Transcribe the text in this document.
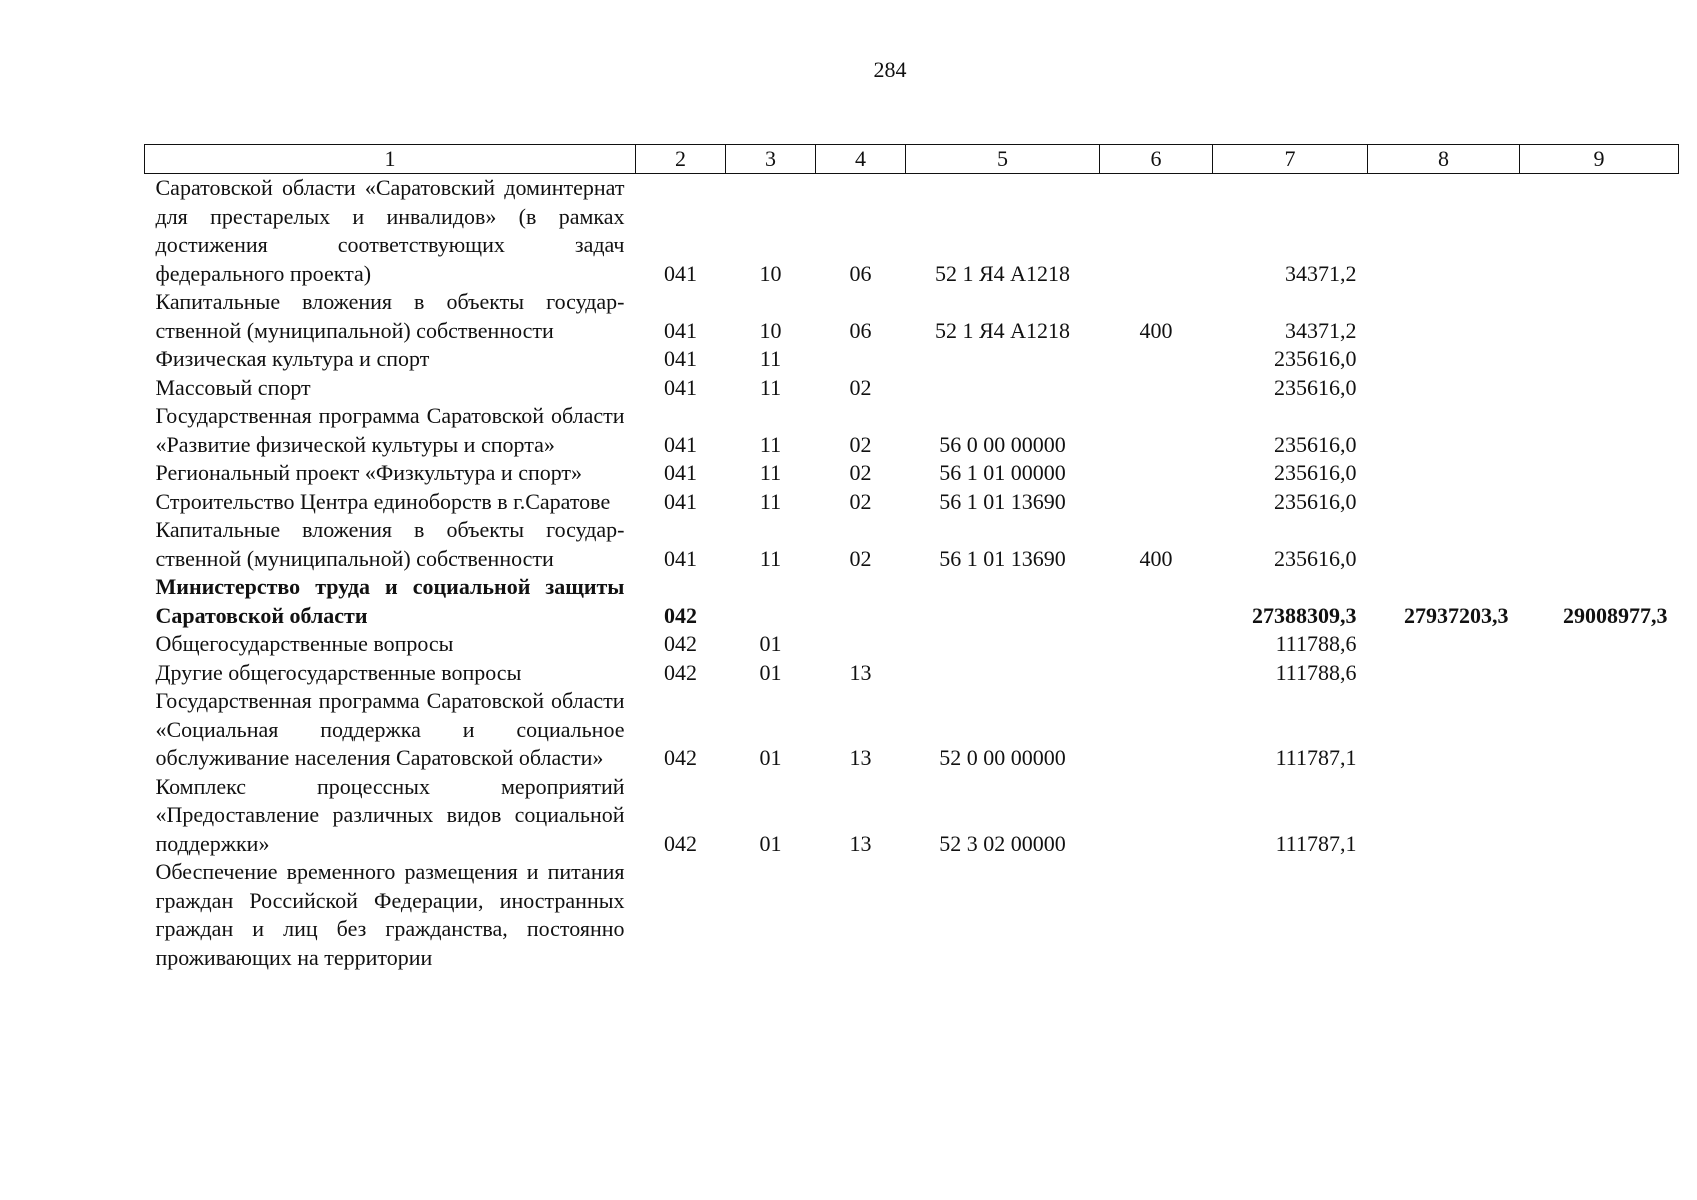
284
1	2	3	4	5	6	7	8	9
Саратовской области «Саратовский доминтернат для престарелых и инвалидов» (в рамках достижения соответствующих задач федерального проекта)	041	10	06	52 1 Я4 А1218		34371,2		
Капитальные вложения в объекты государственной (муниципальной) собственности	041	10	06	52 1 Я4 А1218	400	34371,2		
Физическая культура и спорт	041	11				235616,0		
Массовый спорт	041	11	02			235616,0		
Государственная программа Саратовской области «Развитие физической культуры и спорта»	041	11	02	56 0 00 00000		235616,0		
Региональный проект «Физкультура и спорт»	041	11	02	56 1 01 00000		235616,0		
Строительство Центра единоборств в г.Саратове	041	11	02	56 1 01 13690		235616,0		
Капитальные вложения в объекты государственной (муниципальной) собственности	041	11	02	56 1 01 13690	400	235616,0		
Министерство труда и социальной защиты Саратовской области	042					27388309,3	27937203,3	29008977,3
Общегосударственные вопросы	042	01				111788,6		
Другие общегосударственные вопросы	042	01	13			111788,6		
Государственная программа Саратовской области «Социальная поддержка и социальное обслуживание населения Саратовской области»	042	01	13	52 0 00 00000		111787,1		
Комплекс процессных мероприятий «Предоставление различных видов социальной поддержки»	042	01	13	52 3 02 00000		111787,1		
Обеспечение временного размещения и питания граждан Российской Федерации, иностранных граждан и лиц без гражданства, постоянно проживающих на территории								
